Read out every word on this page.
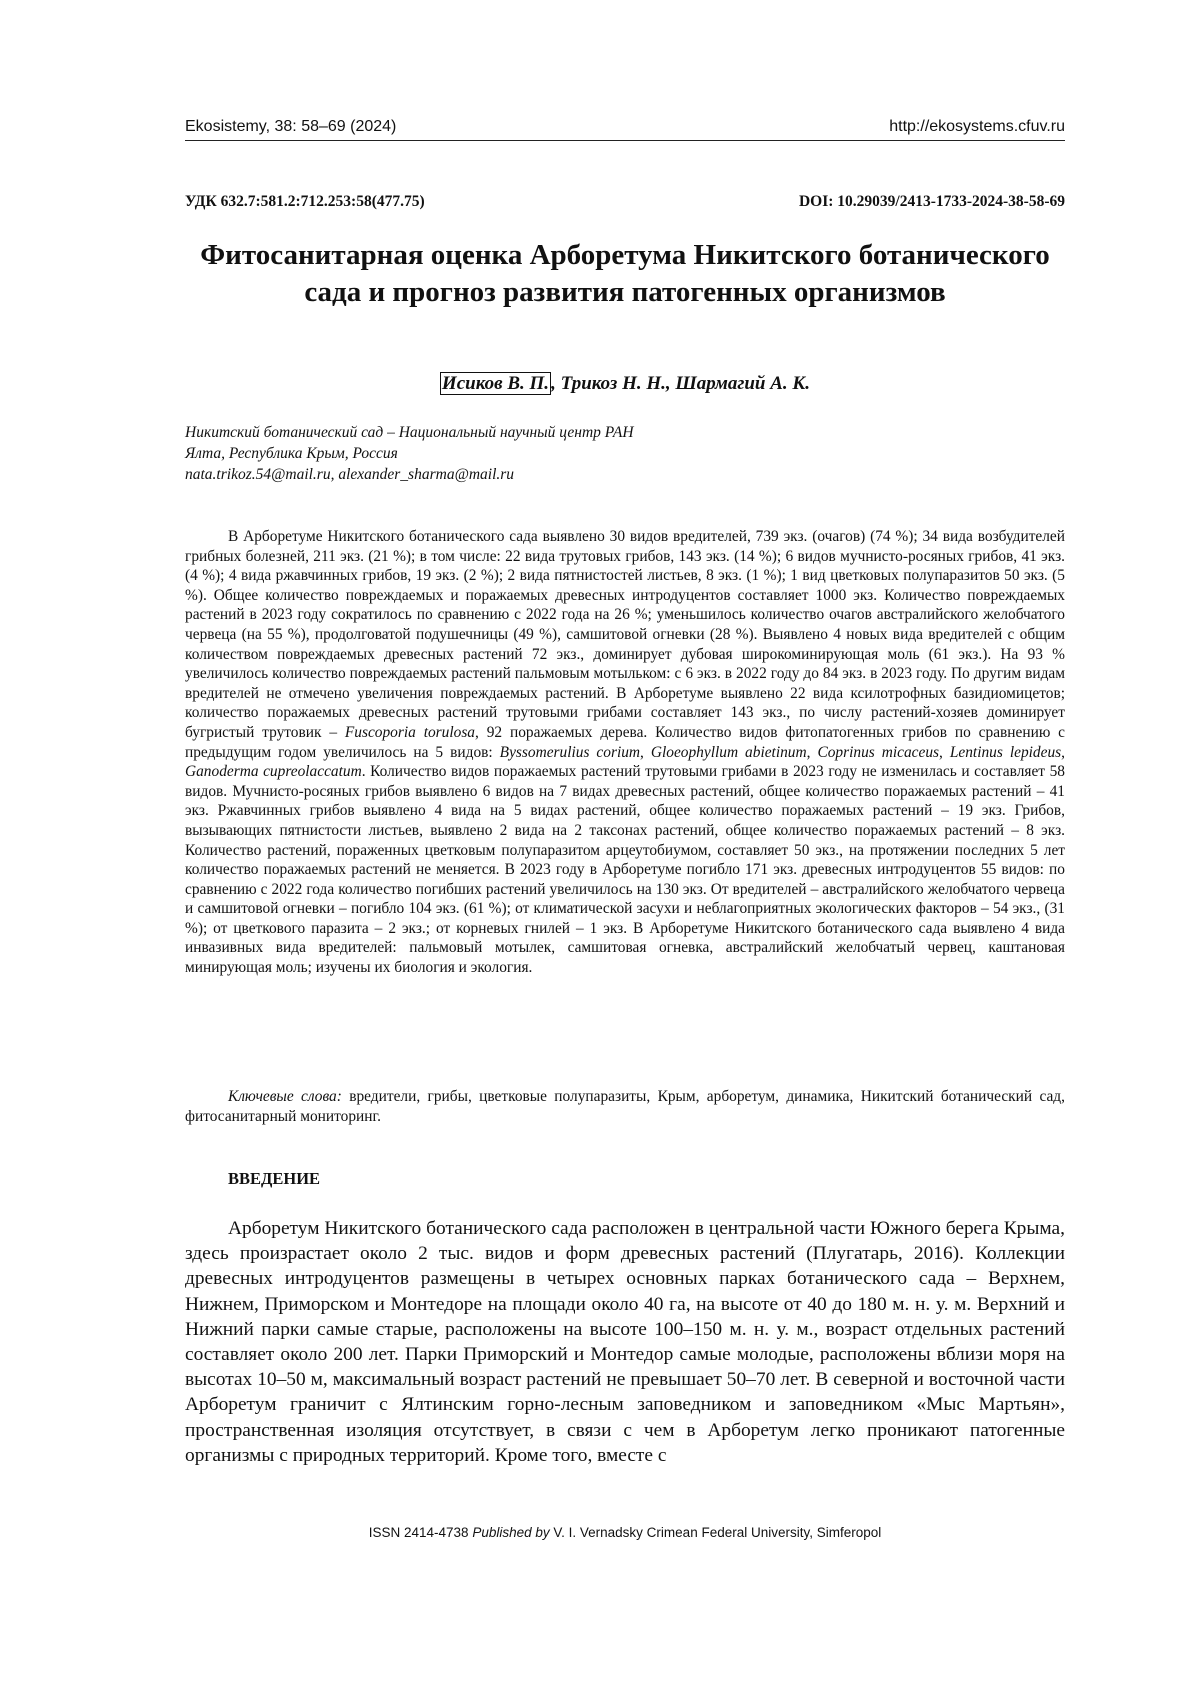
Ekosistemy, 38: 58–69 (2024)	http://ekosystems.cfuv.ru
УДК 632.7:581.2:712.253:58(477.75)	DOI: 10.29039/2413-1733-2024-38-58-69
Фитосанитарная оценка Арборетума Никитского ботанического сада и прогноз развития патогенных организмов
Исиков В. П. , Трикоз Н. Н., Шармагий А. К.
Никитский ботанический сад – Национальный научный центр РАН
Ялта, Республика Крым, Россия
nata.trikoz.54@mail.ru, alexander_sharma@mail.ru

В Арборетуме Никитского ботанического сада выявлено 30 видов вредителей, 739 экз. (очагов) (74 %); 34 вида возбудителей грибных болезней, 211 экз. (21 %); в том числе: 22 вида трутовых грибов, 143 экз. (14 %); 6 видов мучнисто-росяных грибов, 41 экз. (4 %); 4 вида ржавчинных грибов, 19 экз. (2 %); 2 вида пятнистостей листьев, 8 экз. (1 %); 1 вид цветковых полупаразитов 50 экз. (5 %). Общее количество повреждаемых и поражаемых древесных интродуцентов составляет 1000 экз. Количество повреждаемых растений в 2023 году сократилось по сравнению с 2022 года на 26 %; уменьшилось количество очагов австралийского желобчатого червеца (на 55 %), продолговатой подушечницы (49 %), самшитовой огневки (28 %). Выявлено 4 новых вида вредителей с общим количеством повреждаемых древесных растений 72 экз., доминирует дубовая широкоминирующая моль (61 экз.). На 93 % увеличилось количество повреждаемых растений пальмовым мотыльком: с 6 экз. в 2022 году до 84 экз. в 2023 году. По другим видам вредителей не отмечено увеличения повреждаемых растений. В Арборетуме выявлено 22 вида ксилотрофных базидиомицетов; количество поражаемых древесных растений трутовыми грибами составляет 143 экз., по числу растений-хозяев доминирует бугристый трутовик – Fuscoporia torulosa, 92 поражаемых дерева. Количество видов фитопатогенных грибов по сравнению с предыдущим годом увеличилось на 5 видов: Byssomerulius corium, Gloeophyllum abietinum, Coprinus micaceus, Lentinus lepideus, Ganoderma cupreolaccatum. Количество видов поражаемых растений трутовыми грибами в 2023 году не изменилась и составляет 58 видов. Мучнисто-росяных грибов выявлено 6 видов на 7 видах древесных растений, общее количество поражаемых растений – 41 экз. Ржавчинных грибов выявлено 4 вида на 5 видах растений, общее количество поражаемых растений – 19 экз. Грибов, вызывающих пятнистости листьев, выявлено 2 вида на 2 таксонах растений, общее количество поражаемых растений – 8 экз. Количество растений, пораженных цветковым полупаразитом арцеутобиумом, составляет 50 экз., на протяжении последних 5 лет количество поражаемых растений не меняется. В 2023 году в Арборетуме погибло 171 экз. древесных интродуцентов 55 видов: по сравнению с 2022 года количество погибших растений увеличилось на 130 экз. От вредителей – австралийского желобчатого червеца и самшитовой огневки – погибло 104 экз. (61 %); от климатической засухи и неблагоприятных экологических факторов – 54 экз., (31 %); от цветкового паразита – 2 экз.; от корневых гнилей – 1 экз. В Арборетуме Никитского ботанического сада выявлено 4 вида инвазивных вида вредителей: пальмовый мотылек, самшитовая огневка, австралийский желобчатый червец, каштановая минирующая моль; изучены их биология и экология.

Ключевые слова: вредители, грибы, цветковые полупаразиты, Крым, арборетум, динамика, Никитский ботанический сад, фитосанитарный мониторинг.

ВВЕДЕНИЕ

Арборетум Никитского ботанического сада расположен в центральной части Южного берега Крыма, здесь произрастает около 2 тыс. видов и форм древесных растений (Плугатарь, 2016). Коллекции древесных интродуцентов размещены в четырех основных парках ботанического сада – Верхнем, Нижнем, Приморском и Монтедоре на площади около 40 га, на высоте от 40 до 180 м. н. у. м. Верхний и Нижний парки самые старые, расположены на высоте 100–150 м. н. у. м., возраст отдельных растений составляет около 200 лет. Парки Приморский и Монтедор самые молодые, расположены вблизи моря на высотах 10–50 м, максимальный возраст растений не превышает 50–70 лет. В северной и восточной части Арборетум граничит с Ялтинским горно-лесным заповедником и заповедником «Мыс Мартьян», пространственная изоляция отсутствует, в связи с чем в Арборетум легко проникают патогенные организмы с природных территорий. Кроме того, вместе с

ISSN 2414-4738 Published by V. I. Vernadsky Crimean Federal University, Simferopol
